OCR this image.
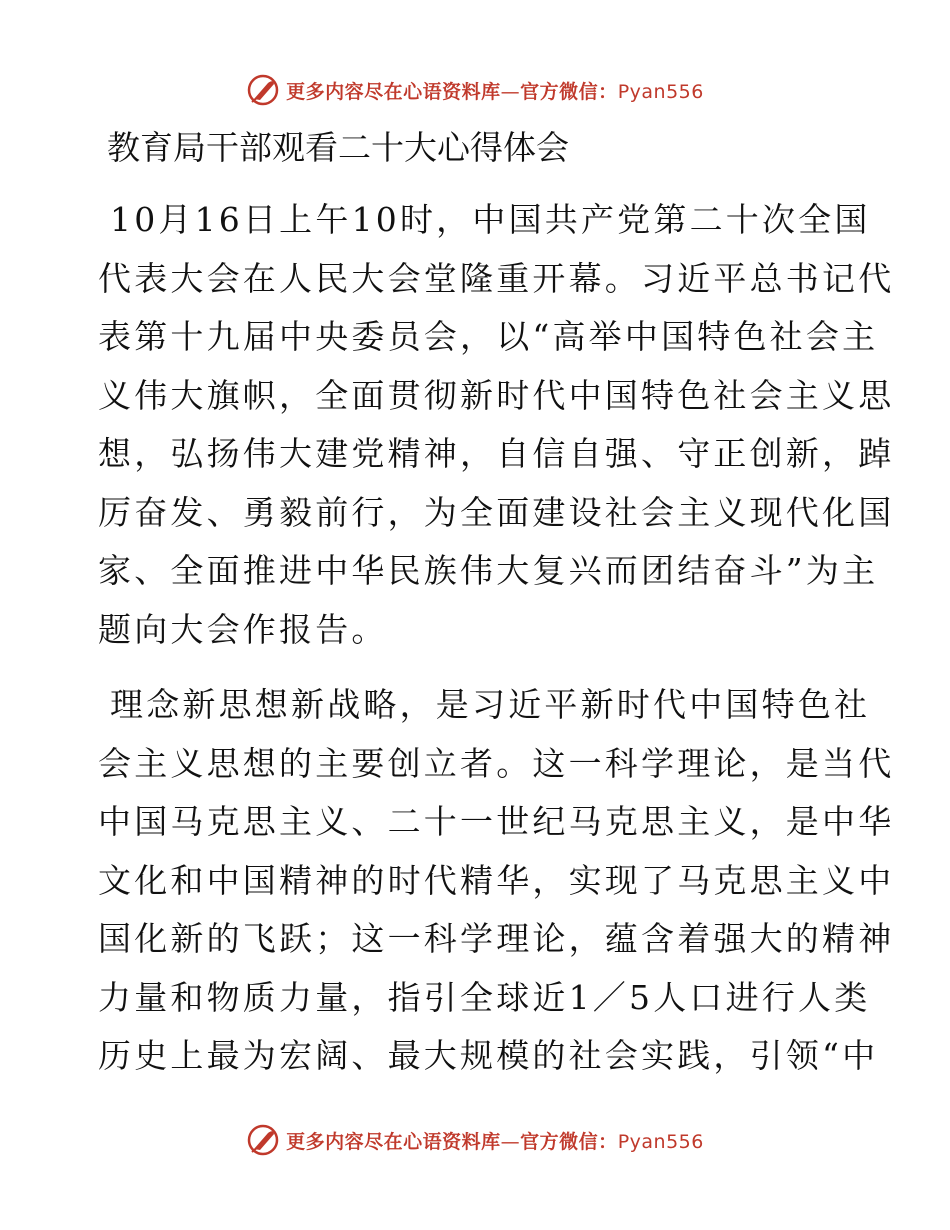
更多内容尽在心语资料库—官方微信：Pyan556
教育局干部观看二十大心得体会
10月16日上午10时，中国共产党第二十次全国
代表大会在人民大会堂隆重开幕。习近平总书记代
表第十九届中央委员会，以“高举中国特色社会主
义伟大旗帜，全面贯彻新时代中国特色社会主义思
想，弘扬伟大建党精神，自信自强、守正创新，踔
厉奋发、勇毅前行，为全面建设社会主义现代化国
家、全面推进中华民族伟大复兴而团结奋斗”为主
题向大会作报告。
理念新思想新战略，是习近平新时代中国特色社
会主义思想的主要创立者。这一科学理论，是当代
中国马克思主义、二十一世纪马克思主义，是中华
文化和中国精神的时代精华，实现了马克思主义中
国化新的飞跃；这一科学理论，蕴含着强大的精神
力量和物质力量，指引全球近1／5人口进行人类
历史上最为宏阔、最大规模的社会实践，引领“中
更多内容尽在心语资料库—官方微信：Pyan556
